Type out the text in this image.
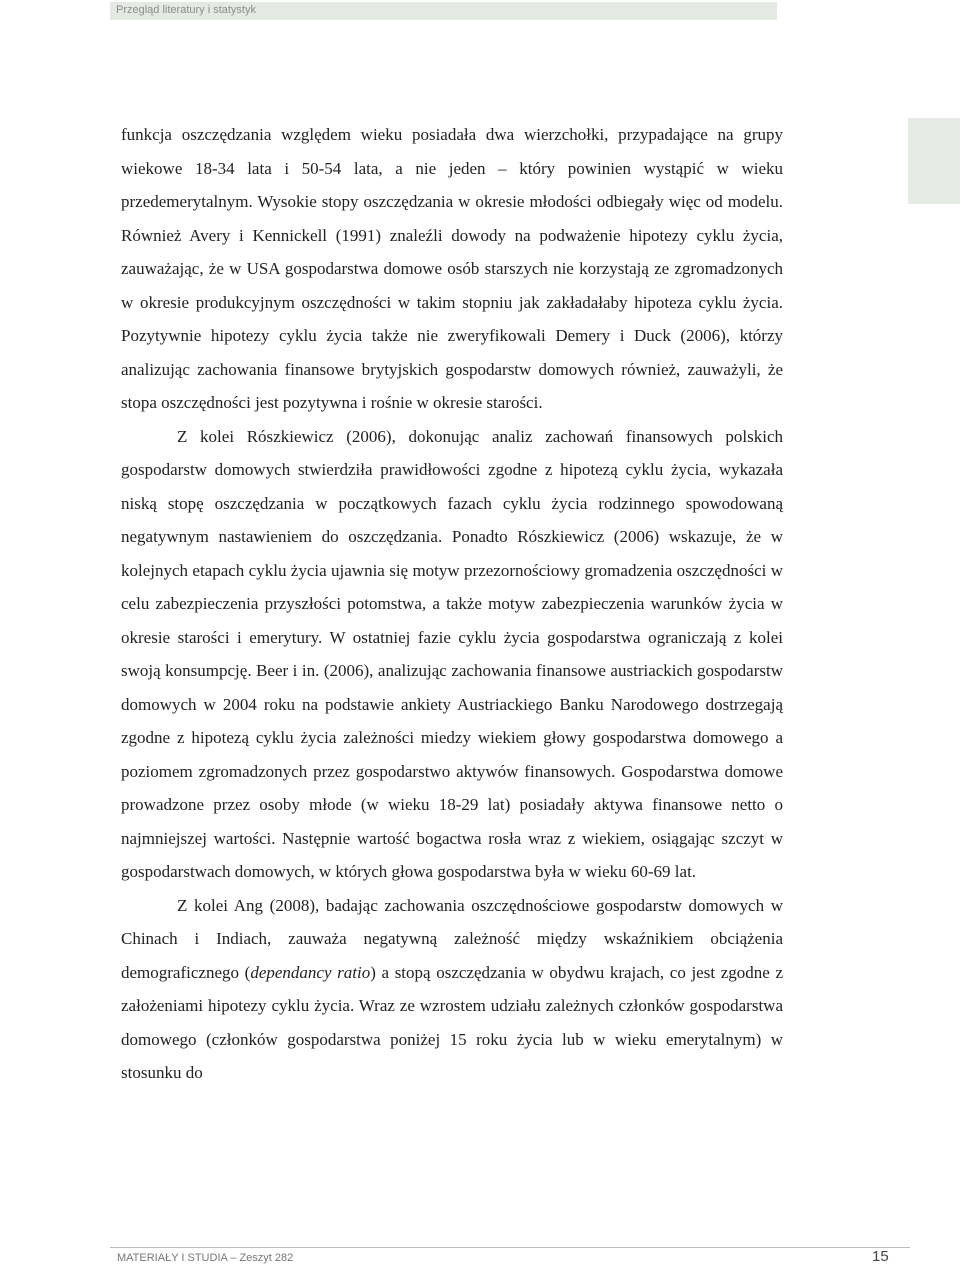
Przegląd literatury i statystyk

funkcja oszczędzania względem wieku posiadała dwa wierzchołki, przypadające na grupy wiekowe 18-34 lata i 50-54 lata, a nie jeden – który powinien wystąpić w wieku przedemerytalnym. Wysokie stopy oszczędzania w okresie młodości odbiegały więc od modelu. Również Avery i Kennickell (1991) znaleźli dowody na podważenie hipotezy cyklu życia, zauważając, że w USA gospodarstwa domowe osób starszych nie korzystają ze zgromadzonych w okresie produkcyjnym oszczędności w takim stopniu jak zakładałaby hipoteza cyklu życia. Pozytywnie hipotezy cyklu życia także nie zweryfikowali Demery i Duck (2006), którzy analizując zachowania finansowe brytyjskich gospodarstw domowych również, zauważyli, że stopa oszczędności jest pozytywna i rośnie w okresie starości.

Z kolei Rószkiewicz (2006), dokonując analiz zachowań finansowych polskich gospodarstw domowych stwierdziła prawidłowości zgodne z hipotezą cyklu życia, wykazała niską stopę oszczędzania w początkowych fazach cyklu życia rodzinnego spowodowaną negatywnym nastawieniem do oszczędzania. Ponadto Rószkiewicz (2006) wskazuje, że w kolejnych etapach cyklu życia ujawnia się motyw przezornościowy gromadzenia oszczędności w celu zabezpieczenia przyszłości potomstwa, a także motyw zabezpieczenia warunków życia w okresie starości i emerytury. W ostatniej fazie cyklu życia gospodarstwa ograniczają z kolei swoją konsumpcję. Beer i in. (2006), analizując zachowania finansowe austriackich gospodarstw domowych w 2004 roku na podstawie ankiety Austriackiego Banku Narodowego dostrzegają zgodne z hipotezą cyklu życia zależności miedzy wiekiem głowy gospodarstwa domowego a poziomem zgromadzonych przez gospodarstwo aktywów finansowych. Gospodarstwa domowe prowadzone przez osoby młode (w wieku 18-29 lat) posiadały aktywa finansowe netto o najmniejszej wartości. Następnie wartość bogactwa rosła wraz z wiekiem, osiągając szczyt w gospodarstwach domowych, w których głowa gospodarstwa była w wieku 60-69 lat.

Z kolei Ang (2008), badając zachowania oszczędnościowe gospodarstw domowych w Chinach i Indiach, zauważa negatywną zależność między wskaźnikiem obciążenia demograficznego (dependancy ratio) a stopą oszczędzania w obydwu krajach, co jest zgodne z założeniami hipotezy cyklu życia. Wraz ze wzrostem udziału zależnych członków gospodarstwa domowego (członków gospodarstwa poniżej 15 roku życia lub w wieku emerytalnym) w stosunku do

MATERIAŁY I STUDIA – Zeszyt 282	15
